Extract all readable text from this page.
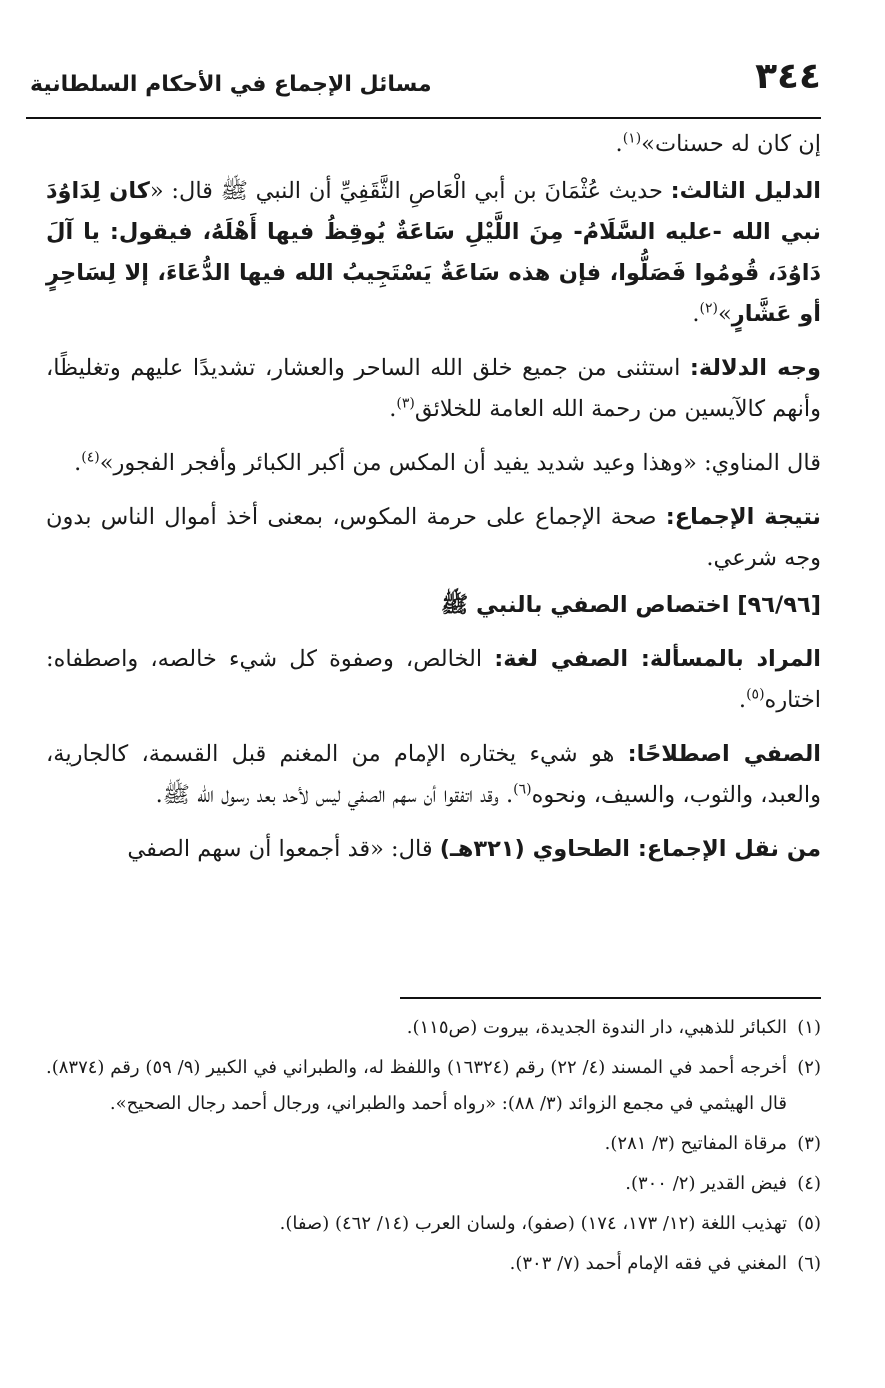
٣٤٤
مسائل الإجماع في الأحكام السلطانية

إن كان له حسنات»$^{(١)}$.

الدليل الثالث: حديث عُثْمَانَ بن أبي الْعَاصِ الثَّقَفِيِّ أن النبي ﷺ قال: «كان لِدَاوُدَ نبي الله -عليه السَّلَامُ- مِنَ اللَّيْلِ سَاعَةٌ يُوقِظُ فيها أَهْلَهُ، فيقول: يا آلَ دَاوُدَ، قُومُوا فَصَلُّوا، فإن هذه سَاعَةٌ يَسْتَجِيبُ الله فيها الدُّعَاءَ، إلا لِسَاحِرٍ أو عَشَّارٍ»$^{(٢)}$.

وجه الدلالة: استثنى من جميع خلق الله الساحر والعشار، تشديدًا عليهم وتغليظًا، وأنهم كالآيسين من رحمة الله العامة للخلائق$^{(٣)}$.

قال المناوي: «وهذا وعيد شديد يفيد أن المكس من أكبر الكبائر وأفجر الفجور»$^{(٤)}$.

نتيجة الإجماع: صحة الإجماع على حرمة المكوس، بمعنى أخذ أموال الناس بدون وجه شرعي.

[٩٦/٩٦] اختصاص الصفي بالنبي ﷺ

المراد بالمسألة: الصفي لغة: الخالص، وصفوة كل شيء خالصه، واصطفاه: اختاره$^{(٥)}$.

الصفي اصطلاحًا: هو شيء يختاره الإمام من المغنم قبل القسمة، كالجارية، والعبد، والثوب، والسيف، ونحوه$^{(٦)}$. وقد اتفقوا أن سهم الصفي ليس لأحد بعد رسول الله ﷺ.

من نقل الإجماع: الطحاوي (٣٢١هـ) قال: «قد أجمعوا أن سهم الصفي

(١)
الكبائر للذهبي، دار الندوة الجديدة، بيروت (ص١١٥).
(٢)
أخرجه أحمد في المسند (٤/ ٢٢) رقم (١٦٣٢٤) واللفظ له، والطبراني في الكبير (٩/ ٥٩) رقم (٨٣٧٤). قال الهيثمي في مجمع الزوائد (٣/ ٨٨): «رواه أحمد والطبراني، ورجال أحمد رجال الصحيح».
(٣)
مرقاة المفاتيح (٣/ ٢٨١).
(٤)
فيض القدير (٢/ ٣٠٠).
(٥)
تهذيب اللغة (١٢/ ١٧٣، ١٧٤) (صفو)، ولسان العرب (١٤/ ٤٦٢) (صفا).
(٦)
المغني في فقه الإمام أحمد (٧/ ٣٠٣).
